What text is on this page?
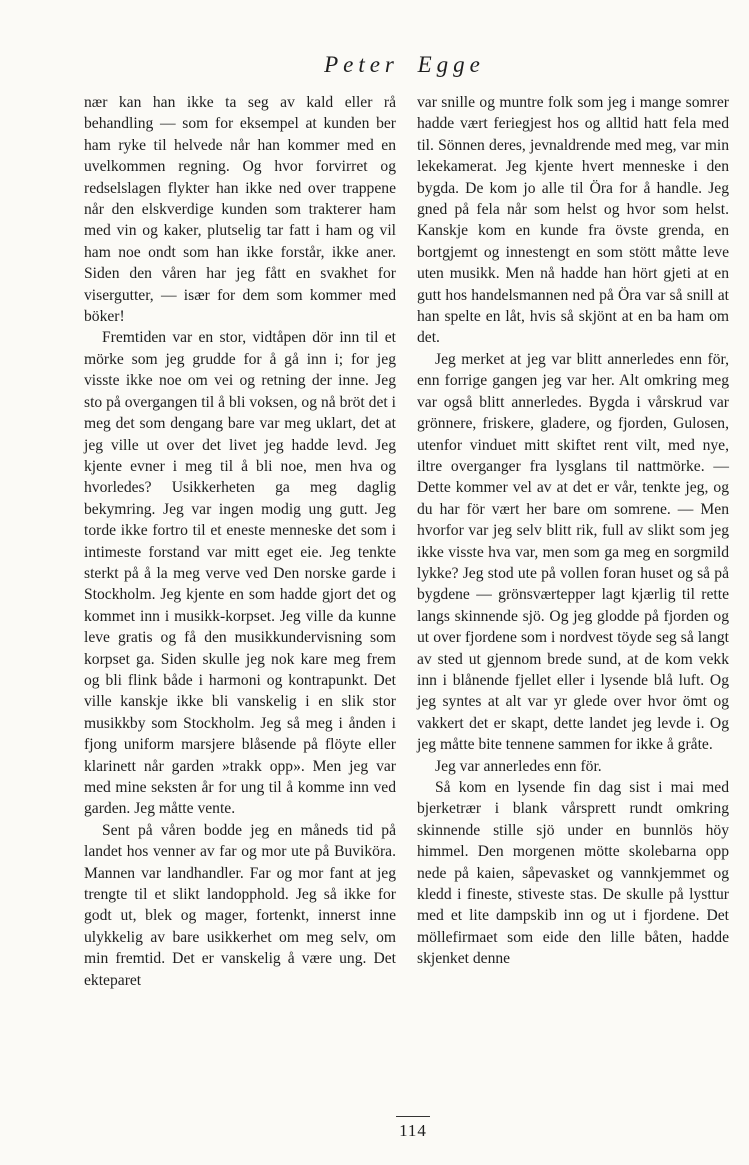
Peter Egge

nær kan han ikke ta seg av kald eller rå behandling — som for eksempel at kunden ber ham ryke til helvede når han kommer med en uvelkommen regning. Og hvor forvirret og redselslagen flykter han ikke ned over trappene når den elskverdige kunden som trakterer ham med vin og kaker, plutselig tar fatt i ham og vil ham noe ondt som han ikke forstår, ikke aner. Siden den våren har jeg fått en svakhet for visergutter, — især for dem som kommer med böker!

Fremtiden var en stor, vidtåpen dör inn til et mörke som jeg grudde for å gå inn i; for jeg visste ikke noe om vei og retning der inne. Jeg sto på overgangen til å bli voksen, og nå bröt det i meg det som dengang bare var meg uklart, det at jeg ville ut over det livet jeg hadde levd. Jeg kjente evner i meg til å bli noe, men hva og hvorledes? Usikkerheten ga meg daglig bekymring. Jeg var ingen modig ung gutt. Jeg torde ikke fortro til et eneste menneske det som i intimeste forstand var mitt eget eie. Jeg tenkte sterkt på å la meg verve ved Den norske garde i Stockholm. Jeg kjente en som hadde gjort det og kommet inn i musikk-korpset. Jeg ville da kunne leve gratis og få den musikkundervisning som korpset ga. Siden skulle jeg nok kare meg frem og bli flink både i harmoni og kontrapunkt. Det ville kanskje ikke bli vanskelig i en slik stor musikkby som Stockholm. Jeg så meg i ånden i fjong uniform marsjere blåsende på flöyte eller klarinett når garden »trakk opp». Men jeg var med mine seksten år for ung til å komme inn ved garden. Jeg måtte vente.

Sent på våren bodde jeg en måneds tid på landet hos venner av far og mor ute på Buviköra. Mannen var landhandler. Far og mor fant at jeg trengte til et slikt landopphold. Jeg så ikke for godt ut, blek og mager, fortenkt, innerst inne ulykkelig av bare usikkerhet om meg selv, om min fremtid. Det er vanskelig å være ung. Det ekteparet

var snille og muntre folk som jeg i mange somrer hadde vært feriegjest hos og alltid hatt fela med til. Sönnen deres, jevnaldrende med meg, var min lekekamerat. Jeg kjente hvert menneske i den bygda. De kom jo alle til Öra for å handle. Jeg gned på fela når som helst og hvor som helst. Kanskje kom en kunde fra övste grenda, en bortgjemt og innestengt en som stött måtte leve uten musikk. Men nå hadde han hört gjeti at en gutt hos handelsmannen ned på Öra var så snill at han spelte en låt, hvis så skjönt at en ba ham om det.

Jeg merket at jeg var blitt annerledes enn för, enn forrige gangen jeg var her. Alt omkring meg var også blitt annerledes. Bygda i vårskrud var grönnere, friskere, gladere, og fjorden, Gulosen, utenfor vinduet mitt skiftet rent vilt, med nye, iltre overganger fra lysglans til nattmörke. — Dette kommer vel av at det er vår, tenkte jeg, og du har för vært her bare om somrene. — Men hvorfor var jeg selv blitt rik, full av slikt som jeg ikke visste hva var, men som ga meg en sorgmild lykke? Jeg stod ute på vollen foran huset og så på bygdene — grönsværtepper lagt kjærlig til rette langs skinnende sjö. Og jeg glodde på fjorden og ut over fjordene som i nordvest töyde seg så langt av sted ut gjennom brede sund, at de kom vekk inn i blånende fjellet eller i lysende blå luft. Og jeg syntes at alt var yr glede over hvor ömt og vakkert det er skapt, dette landet jeg levde i. Og jeg måtte bite tennene sammen for ikke å gråte.

Jeg var annerledes enn för.

Så kom en lysende fin dag sist i mai med bjerketrær i blank vårsprett rundt omkring skinnende stille sjö under en bunnlös höy himmel. Den morgenen mötte skolebarna opp nede på kaien, såpevasket og vannkjemmet og kledd i fineste, stiveste stas. De skulle på lysttur med et lite dampskib inn og ut i fjordene. Det möllefirmaet som eide den lille båten, hadde skjenket denne

114
